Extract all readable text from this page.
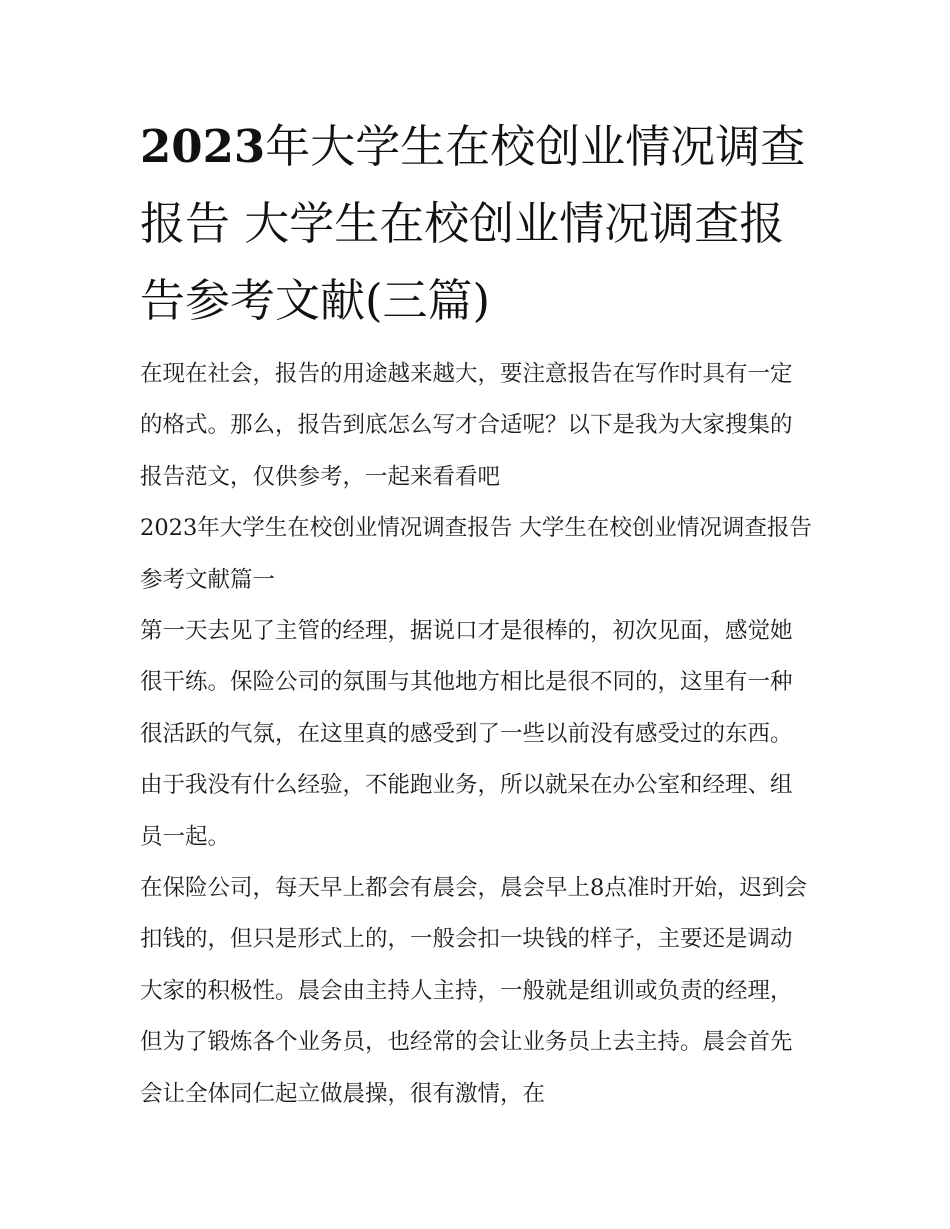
2023年大学生在校创业情况调查报告 大学生在校创业情况调查报告参考文献(三篇)

在现在社会，报告的用途越来越大，要注意报告在写作时具有一定的格式。那么，报告到底怎么写才合适呢？以下是我为大家搜集的报告范文，仅供参考，一起来看看吧

2023年大学生在校创业情况调查报告 大学生在校创业情况调查报告参考文献篇一

第一天去见了主管的经理，据说口才是很棒的，初次见面，感觉她很干练。保险公司的氛围与其他地方相比是很不同的，这里有一种很活跃的气氛，在这里真的感受到了一些以前没有感受过的东西。由于我没有什么经验，不能跑业务，所以就呆在办公室和经理、组员一起。

在保险公司，每天早上都会有晨会，晨会早上8点准时开始，迟到会扣钱的，但只是形式上的，一般会扣一块钱的样子，主要还是调动大家的积极性。晨会由主持人主持，一般就是组训或负责的经理，但为了锻炼各个业务员，也经常的会让业务员上去主持。晨会首先会让全体同仁起立做晨操，很有激情，在
